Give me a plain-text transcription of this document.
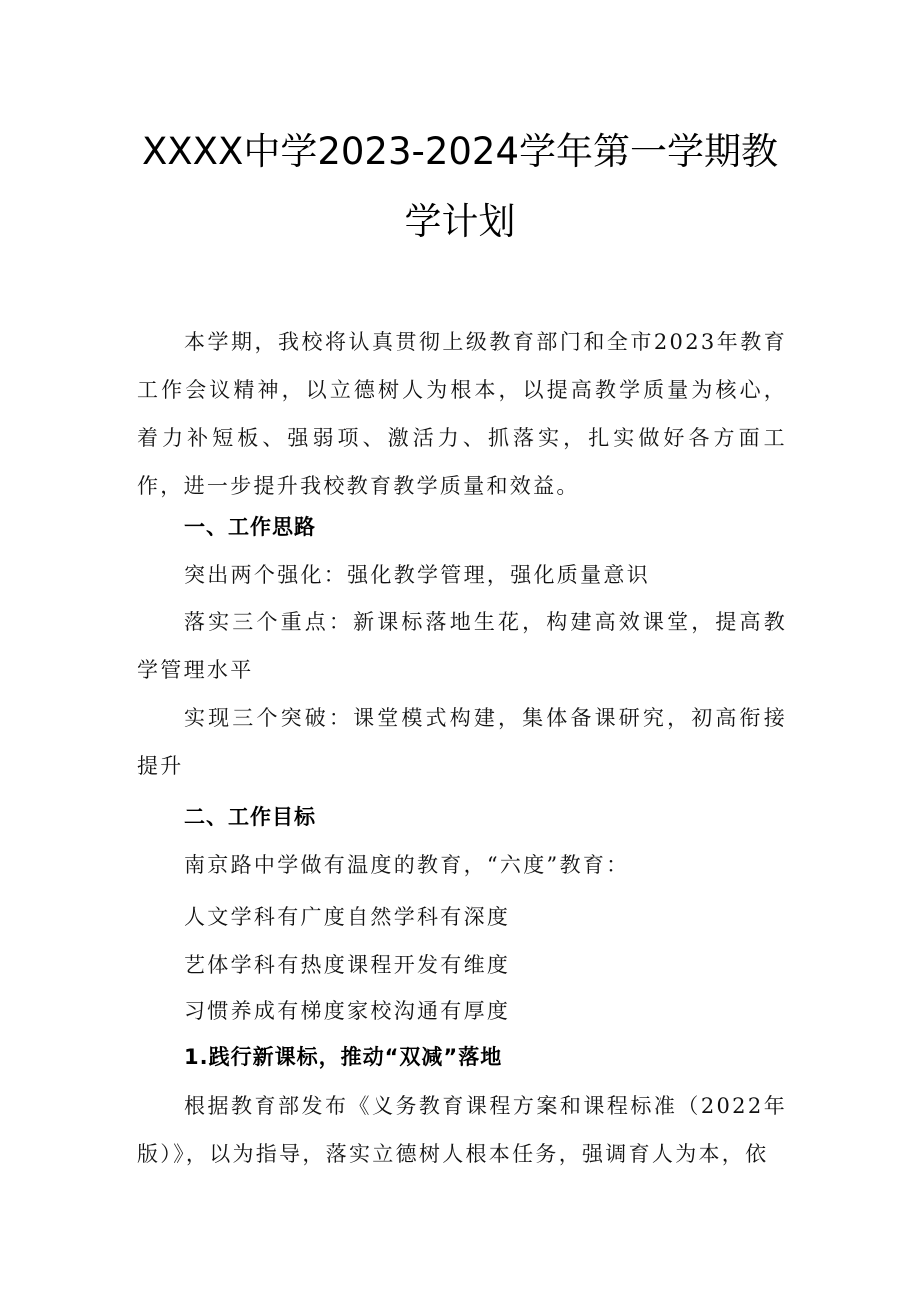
XXXX中学2023-2024学年第一学期教
学计划

本学期，我校将认真贯彻上级教育部门和全市2023年教育工作会议精神，以立德树人为根本，以提高教学质量为核心，着力补短板、强弱项、激活力、抓落实，扎实做好各方面工作，进一步提升我校教育教学质量和效益。

一、工作思路
突出两个强化：强化教学管理，强化质量意识

落实三个重点：新课标落地生花，构建高效课堂，提高教学管理水平

实现三个突破：课堂模式构建，集体备课研究，初高衔接提升

二、工作目标
南京路中学做有温度的教育，“六度”教育：
人文学科有广度自然学科有深度
艺体学科有热度课程开发有维度
习惯养成有梯度家校沟通有厚度
1.践行新课标，推动“双减”落地

根据教育部发布《义务教育课程方案和课程标准（2022年版）》，以为指导，落实立德树人根本任务，强调育人为本，依
